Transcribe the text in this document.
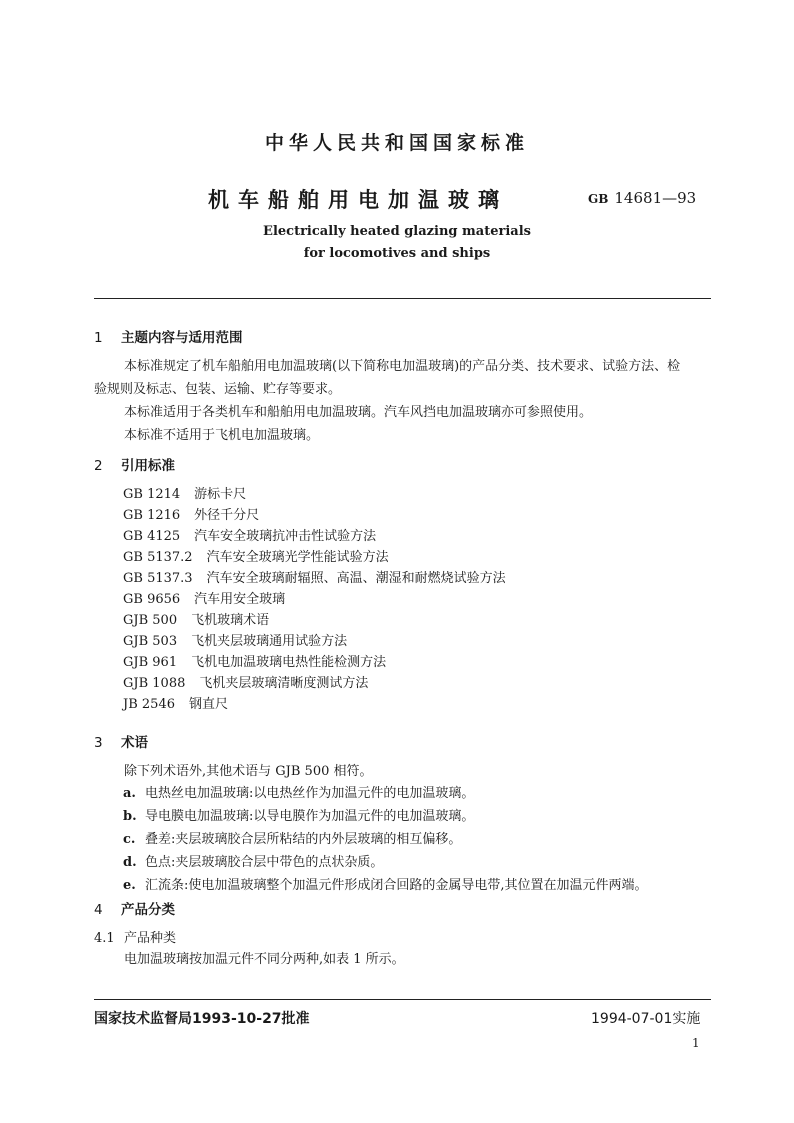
中华人民共和国国家标准
机车船舶用电加温玻璃	GB 14681—93
Electrically heated glazing materials
for locomotives and ships
1 主题内容与适用范围
本标准规定了机车船舶用电加温玻璃(以下简称电加温玻璃)的产品分类、技术要求、试验方法、检
验规则及标志、包装、运输、贮存等要求。
本标准适用于各类机车和船舶用电加温玻璃。汽车风挡电加温玻璃亦可参照使用。
本标准不适用于飞机电加温玻璃。
2 引用标准
GB 1214 游标卡尺
GB 1216 外径千分尺
GB 4125 汽车安全玻璃抗冲击性试验方法
GB 5137.2 汽车安全玻璃光学性能试验方法
GB 5137.3 汽车安全玻璃耐辐照、高温、潮湿和耐燃烧试验方法
GB 9656 汽车用安全玻璃
GJB 500 飞机玻璃术语
GJB 503 飞机夹层玻璃通用试验方法
GJB 961 飞机电加温玻璃电热性能检测方法
GJB 1088 飞机夹层玻璃清晰度测试方法
JB 2546 钢直尺
3 术语
除下列术语外,其他术语与 GJB 500 相符。
a. 电热丝电加温玻璃:以电热丝作为加温元件的电加温玻璃。
b. 导电膜电加温玻璃:以导电膜作为加温元件的电加温玻璃。
c. 叠差:夹层玻璃胶合层所粘结的内外层玻璃的相互偏移。
d. 色点:夹层玻璃胶合层中带色的点状杂质。
e. 汇流条:使电加温玻璃整个加温元件形成闭合回路的金属导电带,其位置在加温元件两端。
4 产品分类
4.1 产品种类
电加温玻璃按加温元件不同分两种,如表 1 所示。
国家技术监督局1993-10-27批准	1994-07-01实施
1
